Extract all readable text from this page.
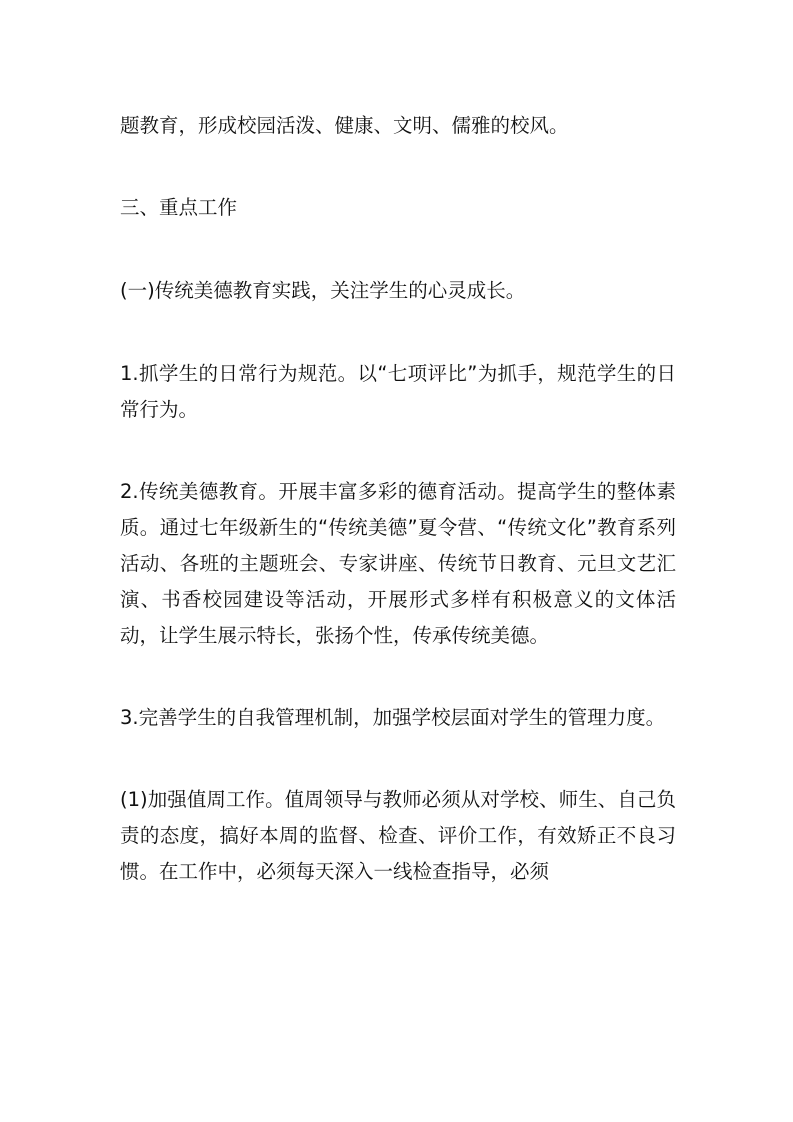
题教育，形成校园活泼、健康、文明、儒雅的校风。

三、重点工作

(一)传统美德教育实践，关注学生的心灵成长。

1.抓学生的日常行为规范。以“七项评比”为抓手，规范学生的日常行为。

2.传统美德教育。开展丰富多彩的德育活动。提高学生的整体素质。通过七年级新生的“传统美德”夏令营、“传统文化”教育系列活动、各班的主题班会、专家讲座、传统节日教育、元旦文艺汇演、书香校园建设等活动，开展形式多样有积极意义的文体活动，让学生展示特长，张扬个性，传承传统美德。

3.完善学生的自我管理机制，加强学校层面对学生的管理力度。

(1)加强值周工作。值周领导与教师必须从对学校、师生、自己负责的态度，搞好本周的监督、检查、评价工作，有效矫正不良习惯。在工作中，必须每天深入一线检查指导，必须
